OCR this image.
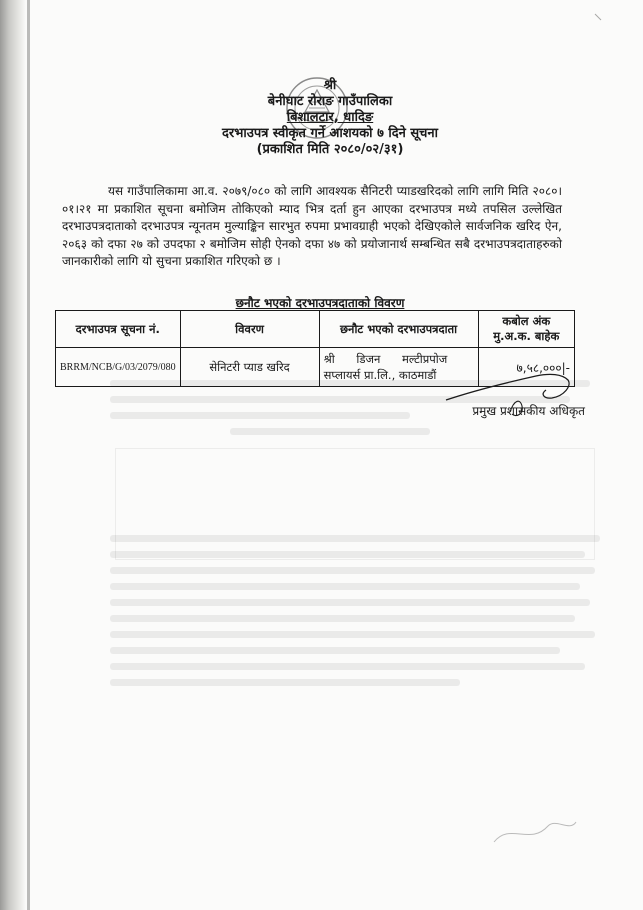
श्री
बेनीघाट रोराङ गाउँपालिका
बिशालटार, धादिङ
दरभाउपत्र स्वीकृत गर्ने आशयको ७ दिने सूचना
(प्रकाशित मिति २०८०/०२/३१)
यस गाउँपालिकामा आ.व. २०७९/०८० को लागि आवश्यक सैनिटरी प्याडखरिदको लागि लागि मिति २०८०।०१।२१ मा प्रकाशित सूचना बमोजिम तोकिएको म्याद भित्र दर्ता हुन आएका दरभाउपत्र मध्ये तपसिल उल्लेखित दरभाउपत्रदाताको दरभाउपत्र न्यूनतम मुल्याङ्किन सारभुत रुपमा प्रभावग्राही भएको देखिएकोले सार्वजनिक खरिद ऐन, २०६३ को दफा २७ को उपदफा २ बमोजिम सोही ऐनको दफा ४७ को प्रयोजानार्थ सम्बन्धित सबै दरभाउपत्रदाताहरुको जानकारीको लागि यो सुचना प्रकाशित गरिएको छ ।
छनौट भएको दरभाउपत्रदाताको विवरण
दरभाउपत्र सूचना नं.	विवरण	छनौट भएको दरभाउपत्रदाता	कबोल अंक मु.अ.क. बाहेक
BRRM/NCB/G/03/2079/080	सेनिटरी प्याड खरिद	श्री डिजन मल्टीप्रपोज
सप्लायर्स प्रा.लि., काठमाडौं	७,५८,०००|-
प्रमुख प्रशासकीय अधिकृत
